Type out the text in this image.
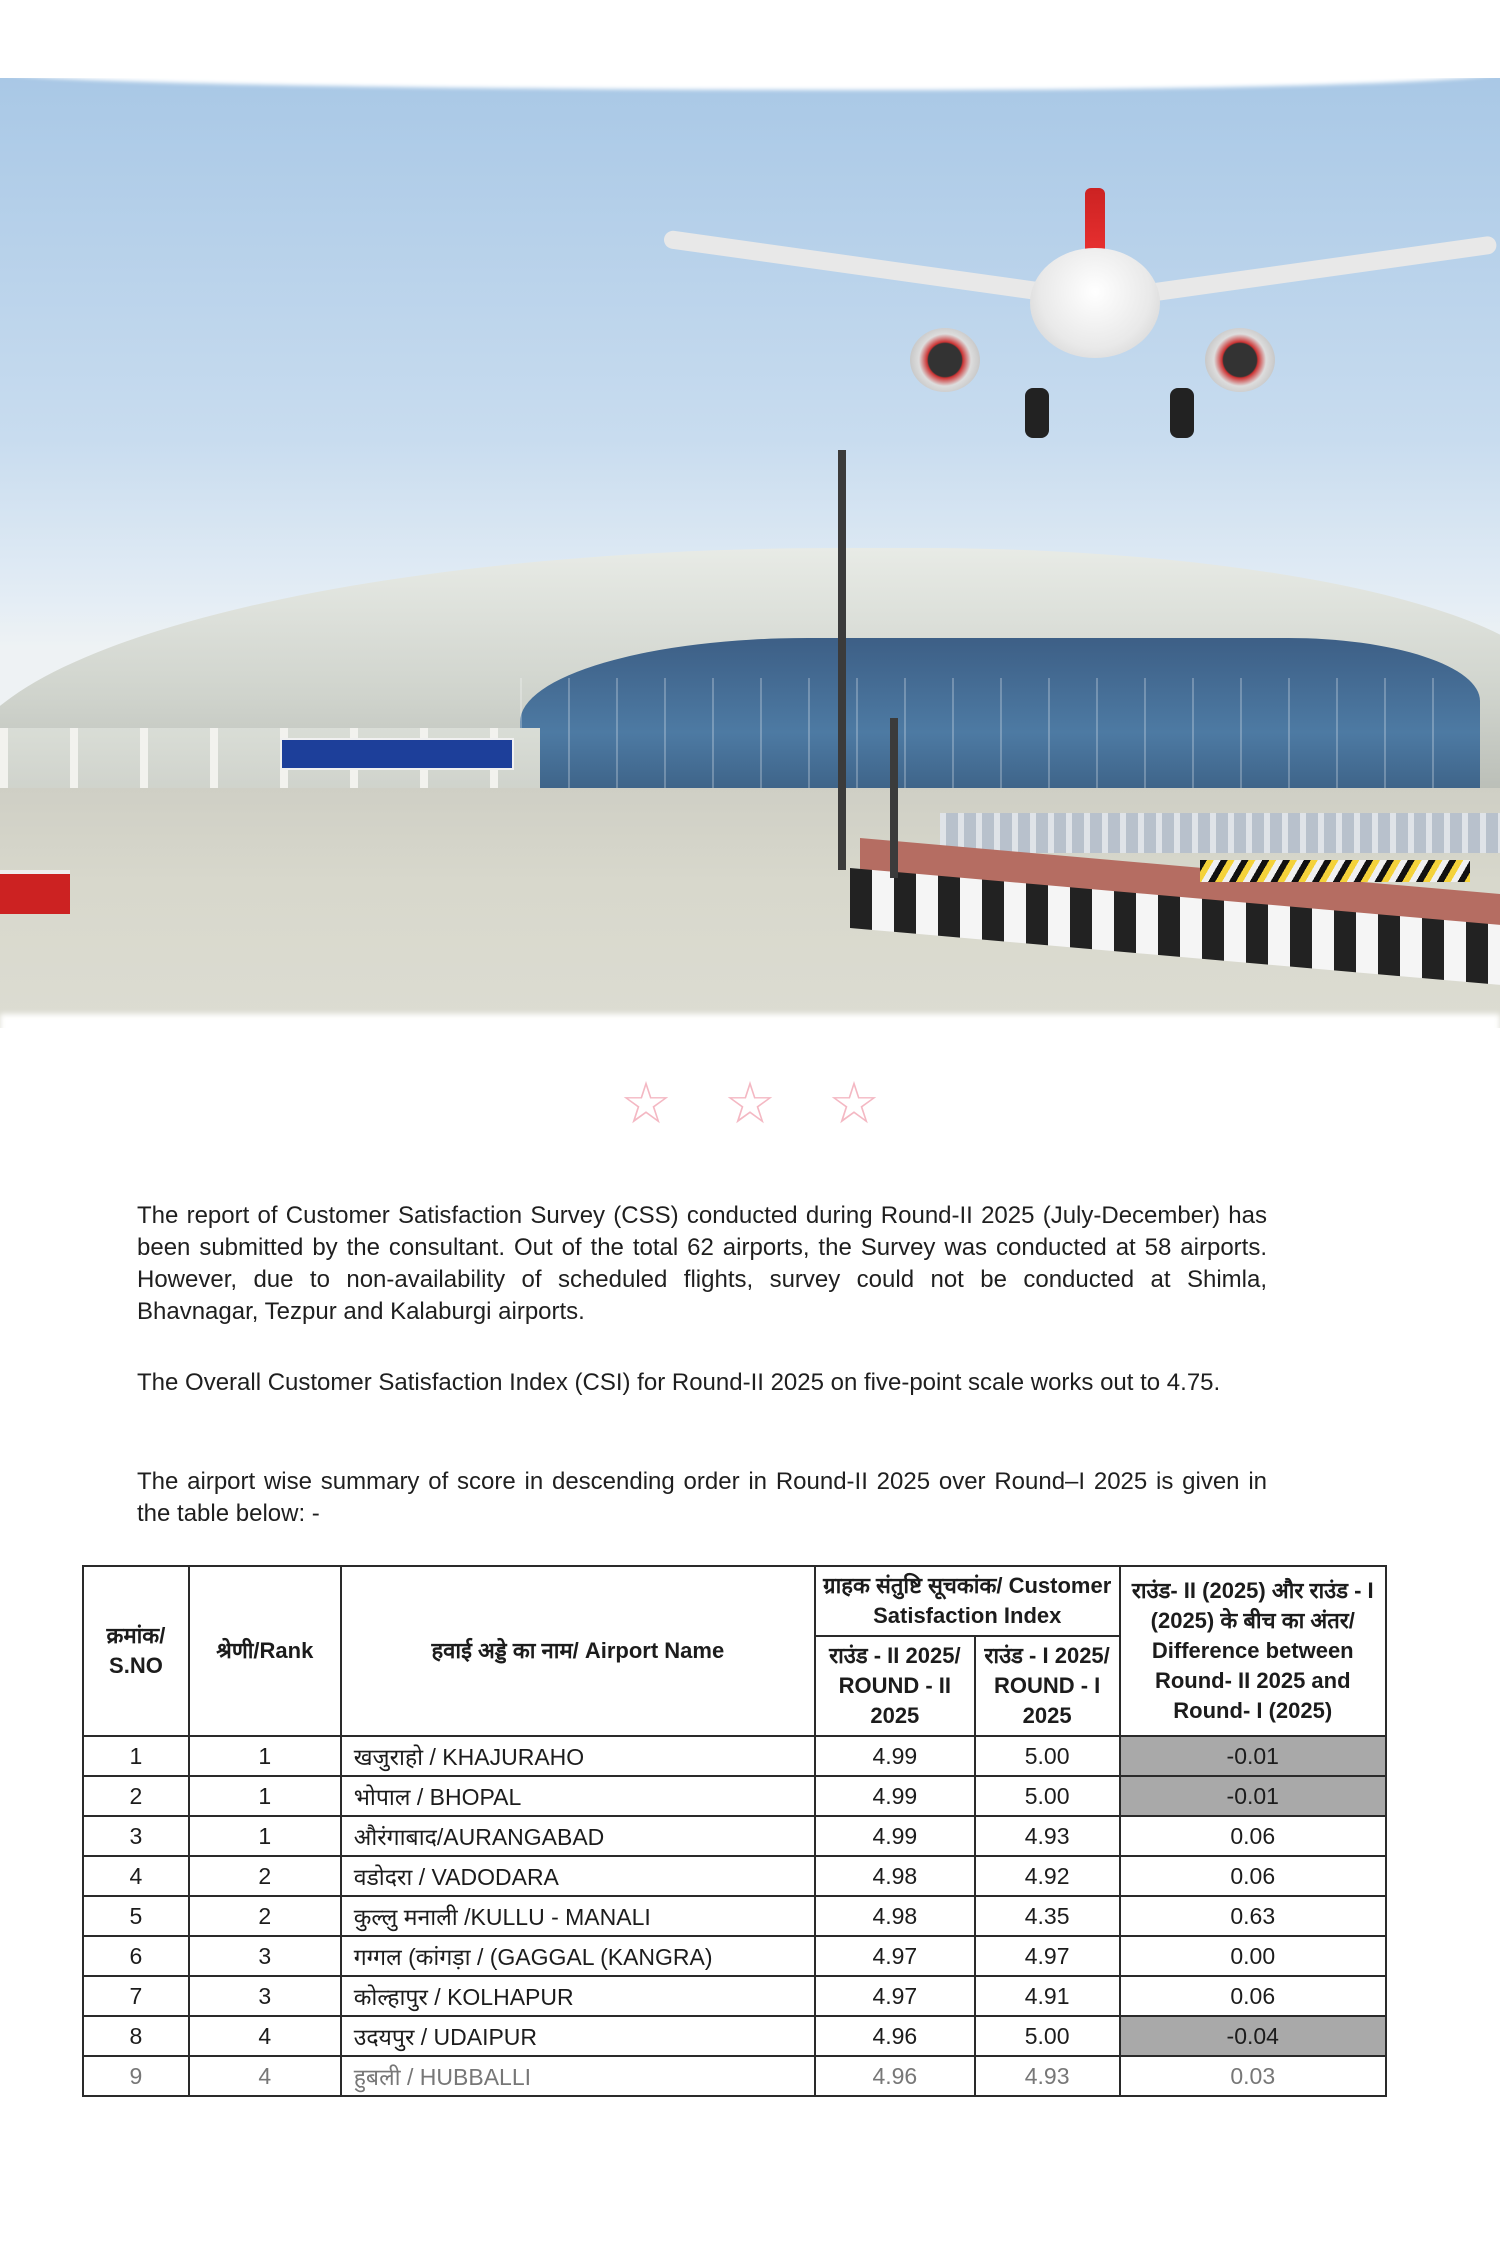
☆ ☆ ☆

The report of Customer Satisfaction Survey (CSS) conducted during Round-II 2025 (July-December) has been submitted by the consultant. Out of the total 62 airports, the Survey was conducted at 58 airports. However, due to non-availability of scheduled flights, survey could not be conducted at Shimla, Bhavnagar, Tezpur and Kalaburgi airports.

The Overall Customer Satisfaction Index (CSI) for Round-II 2025 on five-point scale works out to 4.75.

The airport wise summary of score in descending order in Round-II 2025 over Round–I 2025 is given in the table below: -

क्रमांक/ S.NO	श्रेणी/Rank	हवाई अड्डे का नाम/ Airport Name	ग्राहक संतुष्टि सूचकांक/ Customer Satisfaction Index		राउंड- II (2025) और राउंड - I (2025) के बीच का अंतर/ Difference between Round- II 2025 and Round- I (2025)
			राउंड - II 2025/ ROUND - II 2025	राउंड - I 2025/ ROUND - I 2025	
1	1	खजुराहो / KHAJURAHO	4.99	5.00	-0.01
2	1	भोपाल / BHOPAL	4.99	5.00	-0.01
3	1	औरंगाबाद/AURANGABAD	4.99	4.93	0.06
4	2	वडोदरा / VADODARA	4.98	4.92	0.06
5	2	कुल्लु मनाली /KULLU - MANALI	4.98	4.35	0.63
6	3	गग्गल (कांगड़ा / (GAGGAL (KANGRA)	4.97	4.97	0.00
7	3	कोल्हापुर / KOLHAPUR	4.97	4.91	0.06
8	4	उदयपुर / UDAIPUR	4.96	5.00	-0.04
9	4	हुबली / HUBBALLI	4.96	4.93	0.03
